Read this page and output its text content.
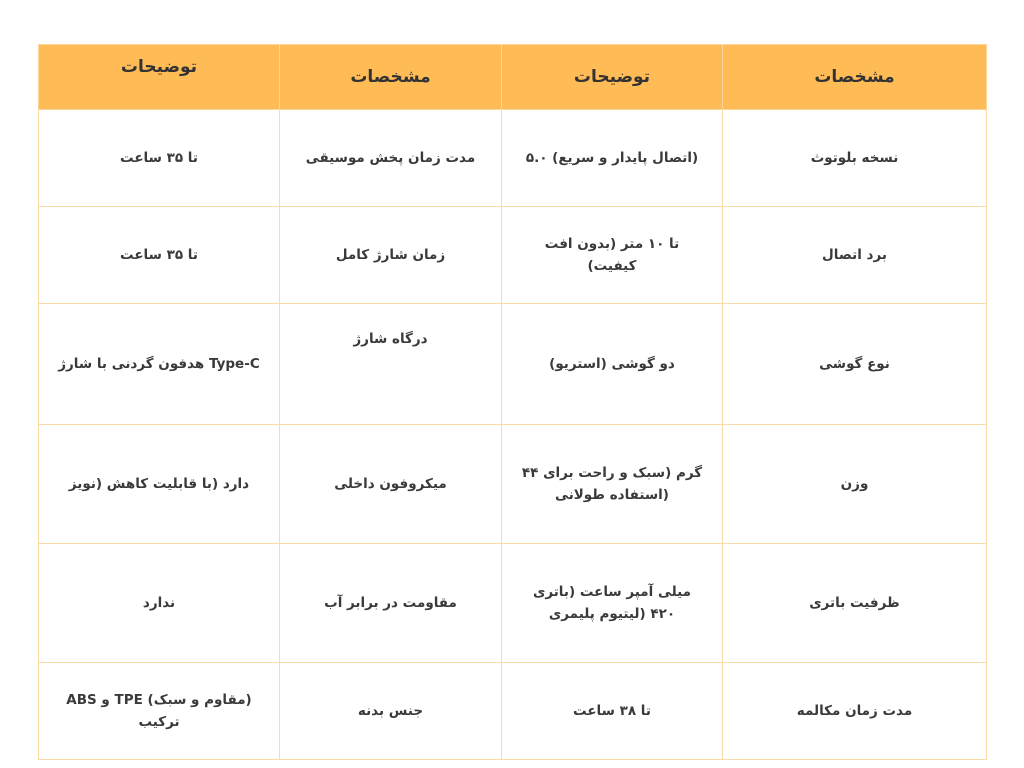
مشخصات	توضیحات	مشخصات	توضیحات
نسخه بلوتوث	(اتصال پایدار و سریع) ۵.۰	مدت زمان پخش موسیقی	تا ۳۵ ساعت
برد اتصال	تا ۱۰ متر (بدون افت کیفیت)	زمان شارژ کامل	تا ۳۵ ساعت
نوع گوشی	دو گوشی (استریو)	درگاه شارژ	Type-C هدفون گردنی با شارژ
وزن	گرم (سبک و راحت برای ۴۴ (استفاده طولانی	میکروفون داخلی	دارد (با قابلیت کاهش (نویز
ظرفیت باتری	میلی آمپر ساعت (باتری ۴۲۰ (لیتیوم پلیمری	مقاومت در برابر آب	ندارد
مدت زمان مکالمه	تا ۳۸ ساعت	جنس بدنه	(مقاوم و سبک) TPE و ABS ترکیب
